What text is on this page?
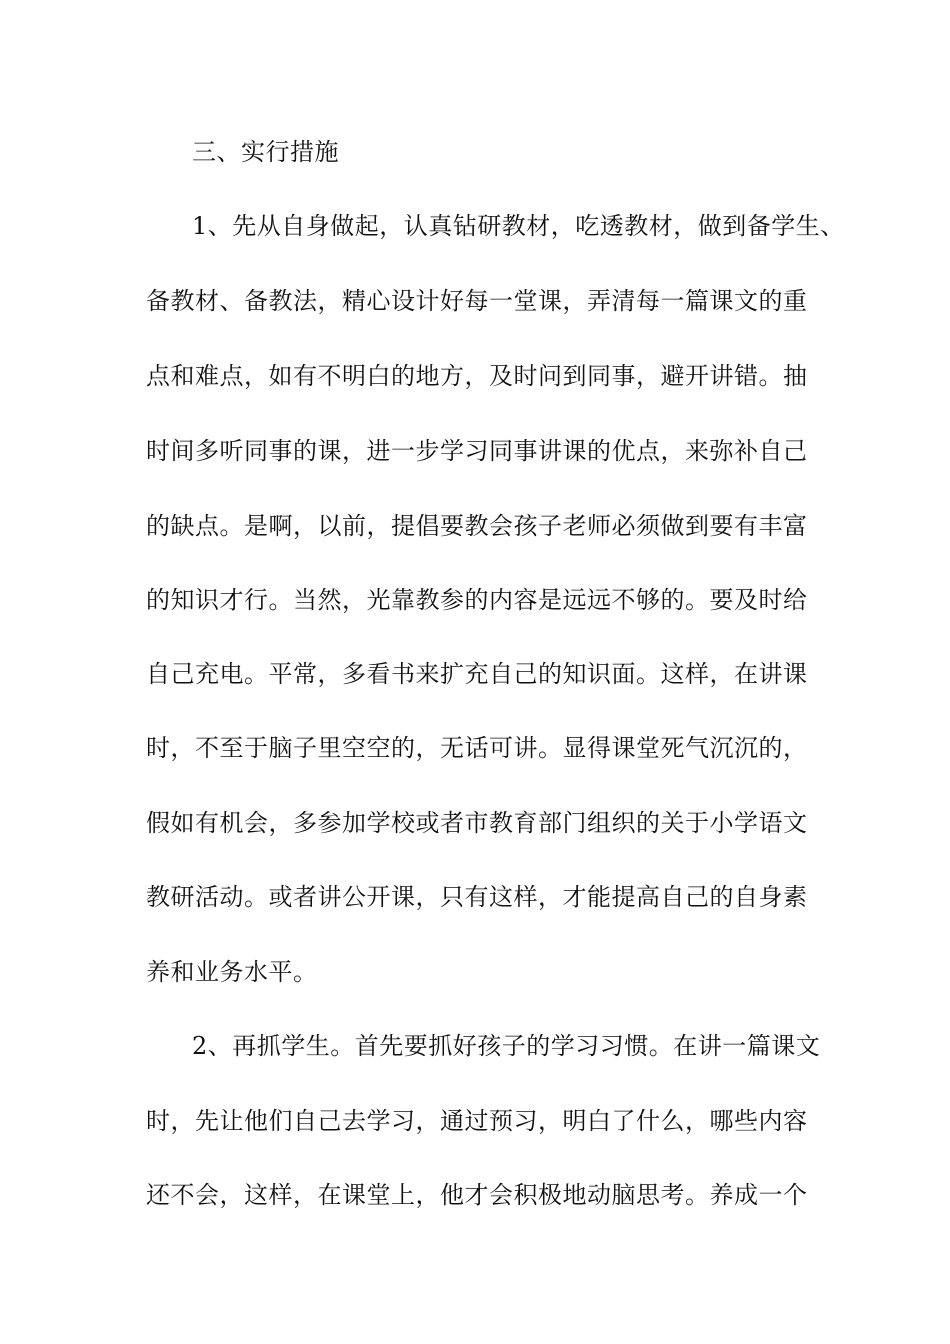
三、实行措施
1、先从自身做起，认真钻研教材，吃透教材，做到备学生、
备教材、备教法，精心设计好每一堂课，弄清每一篇课文的重
点和难点，如有不明白的地方，及时问到同事，避开讲错。抽
时间多听同事的课，进一步学习同事讲课的优点，来弥补自己
的缺点。是啊，以前，提倡要教会孩子老师必须做到要有丰富
的知识才行。当然，光靠教参的内容是远远不够的。要及时给
自己充电。平常，多看书来扩充自己的知识面。这样，在讲课
时，不至于脑子里空空的，无话可讲。显得课堂死气沉沉的，
假如有机会，多参加学校或者市教育部门组织的关于小学语文
教研活动。或者讲公开课，只有这样，才能提高自己的自身素
养和业务水平。
2、再抓学生。首先要抓好孩子的学习习惯。在讲一篇课文
时，先让他们自己去学习，通过预习，明白了什么，哪些内容
还不会，这样，在课堂上，他才会积极地动脑思考。养成一个
